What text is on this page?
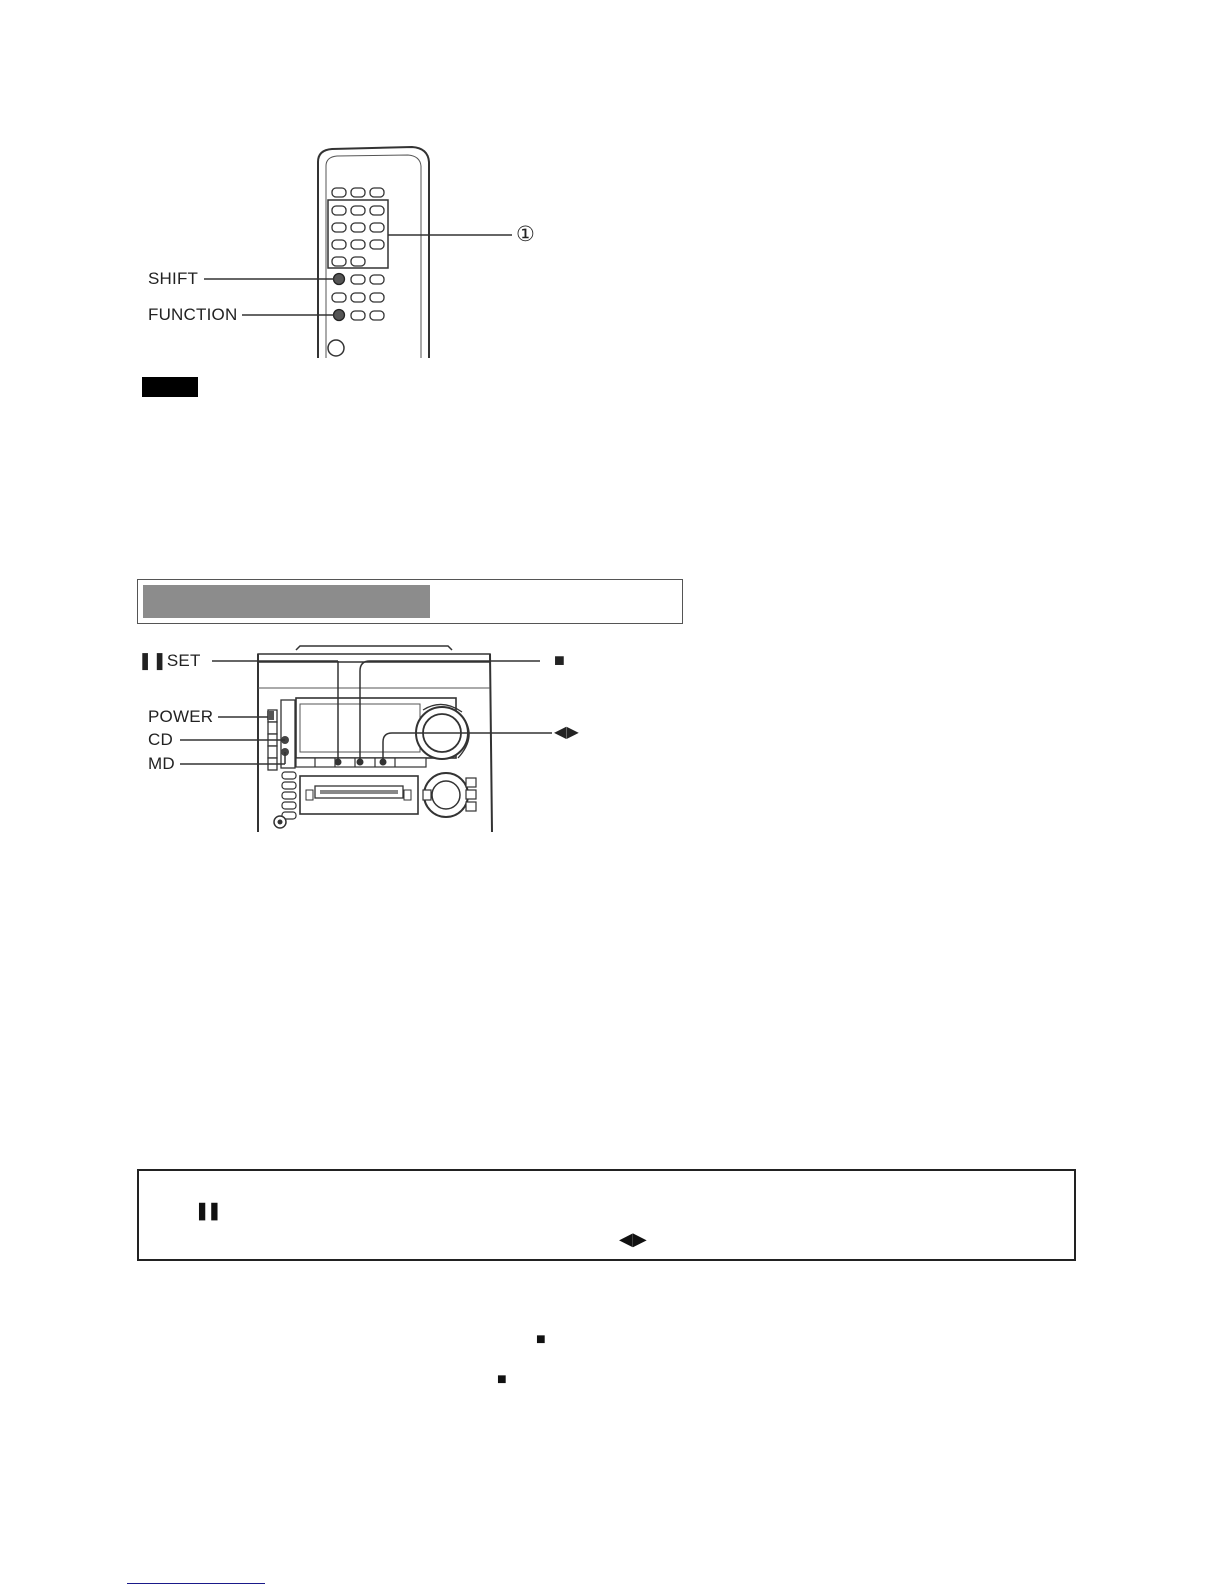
SHIFT
FUNCTION
①
❚❚SET	■
POWER
CD
MD
◀▶
❚❚
◀▶
■
■
